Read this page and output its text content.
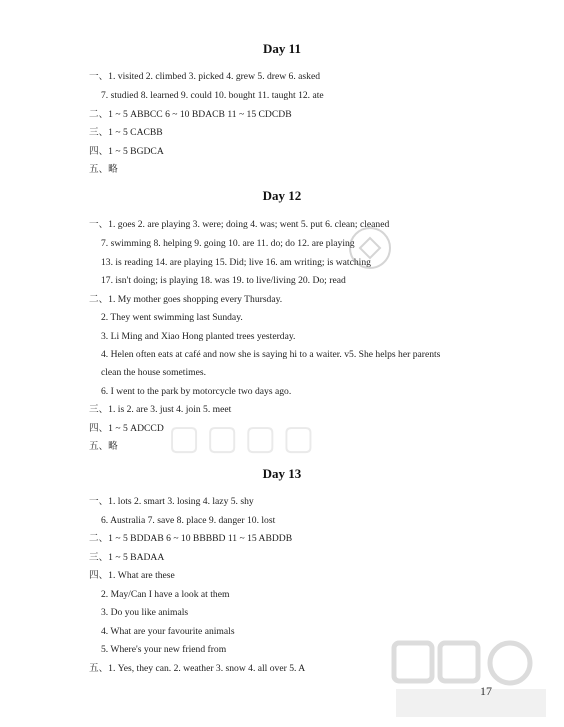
Day 11
一、1. visited 2. climbed 3. picked 4. grew 5. drew 6. asked
7. studied 8. learned 9. could 10. bought 11. taught 12. ate
二、1 ~ 5 ABBCC 6 ~ 10 BDACB 11 ~ 15 CDCDB
三、1 ~ 5 CACBB
四、1 ~ 5 BGDCA
五、略
Day 12
一、1. goes 2. are playing 3. were; doing 4. was; went 5. put 6. clean; cleaned
7. swimming 8. helping 9. going 10. are 11. do; do 12. are playing
13. is reading 14. are playing 15. Did; live 16. am writing; is watching
17. isn't doing; is playing 18. was 19. to live/living 20. Do; read
二、1. My mother goes shopping every Thursday.
2. They went swimming last Sunday.
3. Li Ming and Xiao Hong planted trees yesterday.
4. Helen often eats at café and now she is saying hi to a waiter. v5. She helps her parents
clean the house sometimes.
6. I went to the park by motorcycle two days ago.
三、1. is 2. are 3. just 4. join 5. meet
四、1 ~ 5 ADCCD
五、略
Day 13
一、1. lots 2. smart 3. losing 4. lazy 5. shy
6. Australia 7. save 8. place 9. danger 10. lost
二、1 ~ 5 BDDAB 6 ~ 10 BBBBD 11 ~ 15 ABDDB
三、1 ~ 5 BADAA
四、1. What are these
2. May/Can I have a look at them
3. Do you like animals
4. What are your favourite animals
5. Where's your new friend from
五、1. Yes, they can. 2. weather 3. snow 4. all over 5. A
▢▢▢▢
17
